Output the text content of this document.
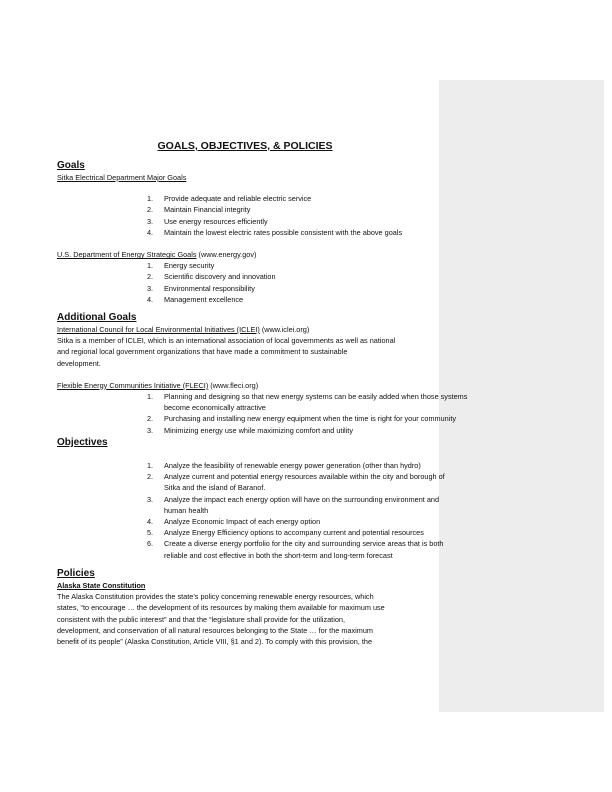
GOALS, OBJECTIVES, & POLICIES
Goals
Sitka Electrical Department Major Goals
1. Provide adequate and reliable electric service
2. Maintain Financial integrity
3. Use energy resources efficiently
4. Maintain the lowest electric rates possible consistent with the above goals
U.S. Department of Energy Strategic Goals (www.energy.gov)
1. Energy security
2. Scientific discovery and innovation
3. Environmental responsibility
4. Management excellence
Additional Goals
International Council for Local Environmental Initiatives (ICLEI) (www.iclei.org)
Sitka is a member of ICLEI, which is an international association of local governments as well as national
and regional local government organizations that have made a commitment to sustainable
development.
Flexible Energy Communities Initiative (FLECI) (www.fleci.org)
1. Planning and designing so that new energy systems can be easily added when those systems
become economically attractive
2. Purchasing and installing new energy equipment when the time is right for your community
3. Minimizing energy use while maximizing comfort and utility
Objectives
1. Analyze the feasibility of renewable energy power generation (other than hydro)
2. Analyze current and potential energy resources available within the city and borough of
Sitka and the island of Baranof.
3. Analyze the impact each energy option will have on the surrounding environment and
human health
4. Analyze Economic Impact of each energy option
5. Analyze Energy Efficiency options to accompany current and potential resources
6. Create a diverse energy portfolio for the city and surrounding service areas that is both
reliable and cost effective in both the short-term and long-term forecast
Policies
Alaska State Constitution
The Alaska Constitution provides the state’s policy concerning renewable energy resources, which
states, “to encourage … the development of its resources by making them available for maximum use
consistent with the public interest” and that the “legislature shall provide for the utilization,
development, and conservation of all natural resources belonging to the State … for the maximum
benefit of its people” (Alaska Constitution, Article VIII, §1 and 2). To comply with this provision, the
